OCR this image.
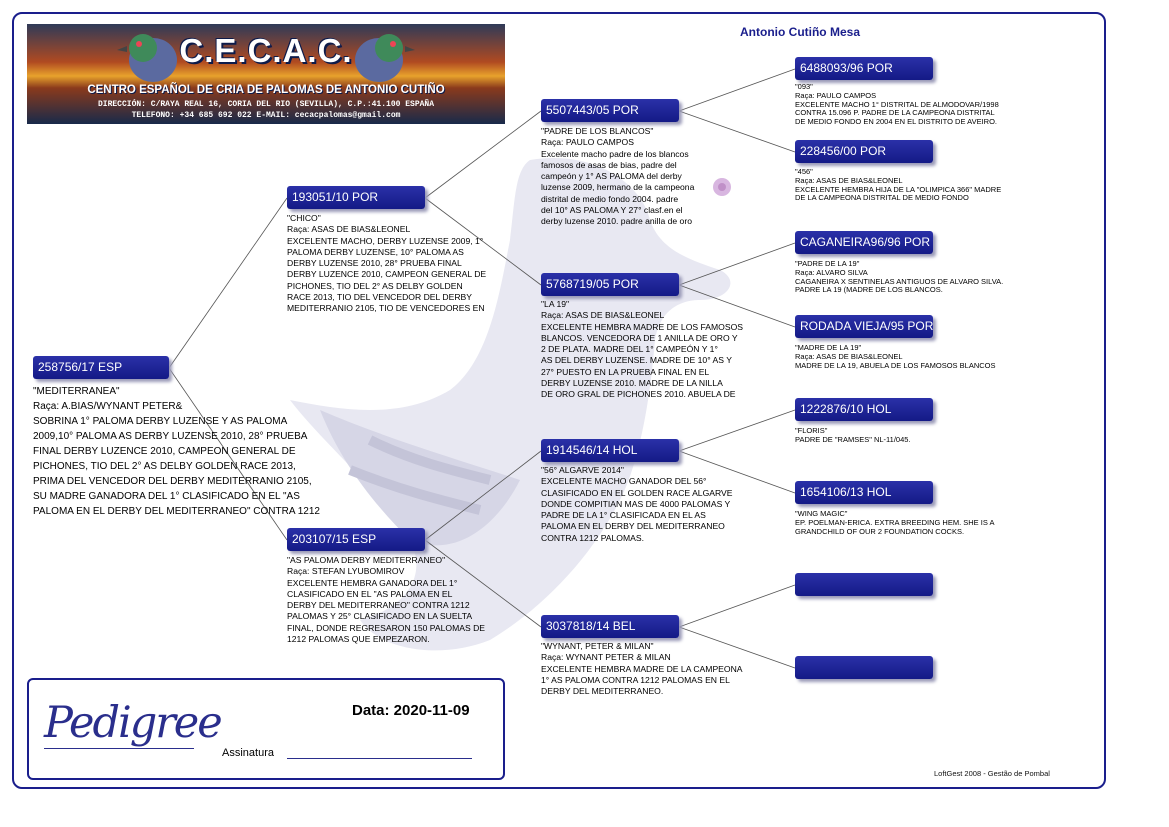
C.E.C.A.C.
CENTRO ESPAÑOL DE CRIA DE PALOMAS DE ANTONIO CUTIÑO
DIRECCIÓN: C/RAYA REAL 16, CORIA DEL RIO (SEVILLA), C.P.:41.100 ESPAÑA
TELEFONO: +34 685 692 022 E-MAIL: cecacpalomas@gmail.com
Antonio Cutiño Mesa
258756/17 ESP
"MEDITERRANEA"
Raça: A.BIAS/WYNANT PETER&
SOBRINA 1° PALOMA DERBY LUZENSE Y AS PALOMA
2009,10° PALOMA AS DERBY LUZENSE 2010, 28° PRUEBA
FINAL DERBY LUZENCE 2010, CAMPEON GENERAL DE
PICHONES, TIO DEL 2° AS DELBY GOLDEN RACE 2013,
PRIMA DEL VENCEDOR DEL DERBY MEDITERRANIO 2105,
SU MADRE GANADORA DEL 1° CLASIFICADO EN EL "AS
PALOMA EN EL DERBY DEL MEDITERRANEO" CONTRA 1212
193051/10 POR
"CHICO"
Raça: ASAS DE BIAS&LEONEL
EXCELENTE MACHO, DERBY LUZENSE 2009, 1°
PALOMA DERBY LUZENSE, 10° PALOMA AS
DERBY LUZENSE 2010, 28° PRUEBA FINAL
DERBY LUZENCE 2010, CAMPEON GENERAL DE
PICHONES, TIO DEL 2° AS DELBY GOLDEN
RACE 2013, TIO DEL VENCEDOR DEL DERBY
MEDITERRANIO 2105, TIO DE VENCEDORES EN
203107/15 ESP
"AS PALOMA DERBY MEDITERRANEO"
Raça: STEFAN LYUBOMIROV
EXCELENTE HEMBRA GANADORA DEL 1°
CLASIFICADO EN EL "AS PALOMA EN EL
DERBY DEL MEDITERRANEO" CONTRA 1212
PALOMAS Y 25° CLASIFICADO EN LA SUELTA
FINAL, DONDE REGRESARON 150 PALOMAS DE
1212 PALOMAS QUE EMPEZARON.
5507443/05 POR
"PADRE DE LOS BLANCOS"
Raça: PAULO CAMPOS
Excelente macho padre de los blancos
famosos de asas de bias, padre del
campeón y 1° AS PALOMA del derby
luzense 2009, hermano de la campeona
distrital de medio fondo 2004. padre
del 10° AS PALOMA Y 27° clasf.en el
derby luzense 2010. padre anilla de oro
5768719/05 POR
"LA 19"
Raça: ASAS DE BIAS&LEONEL
EXCELENTE HEMBRA MADRE DE LOS FAMOSOS
BLANCOS. VENCEDORA DE 1 ANILLA DE ORO Y
2 DE PLATA. MADRE DEL 1° CAMPEÓN Y 1°
AS DEL DERBY LUZENSE. MADRE DE 10° AS Y
27° PUESTO EN LA PRUEBA FINAL EN EL
DERBY LUZENSE 2010. MADRE DE LA NILLA
DE ORO GRAL DE PICHONES 2010. ABUELA DE
1914546/14 HOL
"56° ALGARVE 2014"
EXCELENTE MACHO GANADOR DEL 56°
CLASIFICADO EN EL GOLDEN RACE ALGARVE
DONDE COMPITIAN MAS DE 4000 PALOMAS Y
PADRE DE LA 1° CLASIFICADA EN EL AS
PALOMA EN EL DERBY DEL MEDITERRANEO
CONTRA 1212 PALOMAS.
3037818/14 BEL
"WYNANT, PETER & MILAN"
Raça: WYNANT PETER & MILAN
EXCELENTE HEMBRA MADRE DE LA CAMPEONA
1° AS PALOMA CONTRA 1212 PALOMAS EN EL
DERBY DEL MEDITERRANEO.
6488093/96 POR
"093"
Raça: PAULO CAMPOS
EXCELENTE MACHO 1° DISTRITAL DE ALMODOVAR/1998
CONTRA 15.096 P. PADRE DE LA CAMPEONA DISTRITAL
DE MEDIO FONDO EN 2004 EN EL DISTRITO DE AVEIRO.
228456/00 POR
"456"
Raça: ASAS DE BIAS&LEONEL
EXCELENTE HEMBRA HIJA DE LA "OLIMPICA 366" MADRE
DE LA CAMPEONA DISTRITAL DE MEDIO FONDO
CAGANEIRA96/96 POR
"PADRE DE LA 19"
Raça: ALVARO SILVA
CAGANEIRA X SENTINELAS ANTIGUOS DE ALVARO SILVA.
PADRE LA 19 (MADRE DE LOS BLANCOS.
RODADA VIEJA/95 POR
"MADRE DE LA 19"
Raça: ASAS DE BIAS&LEONEL
MADRE DE LA 19, ABUELA DE LOS FAMOSOS BLANCOS
1222876/10 HOL
"FLORIS"
PADRE DE "RAMSES" NL-11/045.
1654106/13 HOL
"WING MAGIC"
EP. POELMAN-ERICA. EXTRA BREEDING HEM. SHE IS A
GRANDCHILD OF OUR 2 FOUNDATION COCKS.
Pedigree	Data: 2020-11-09
Assinatura
LoftGest 2008 - Gestão de Pombal
